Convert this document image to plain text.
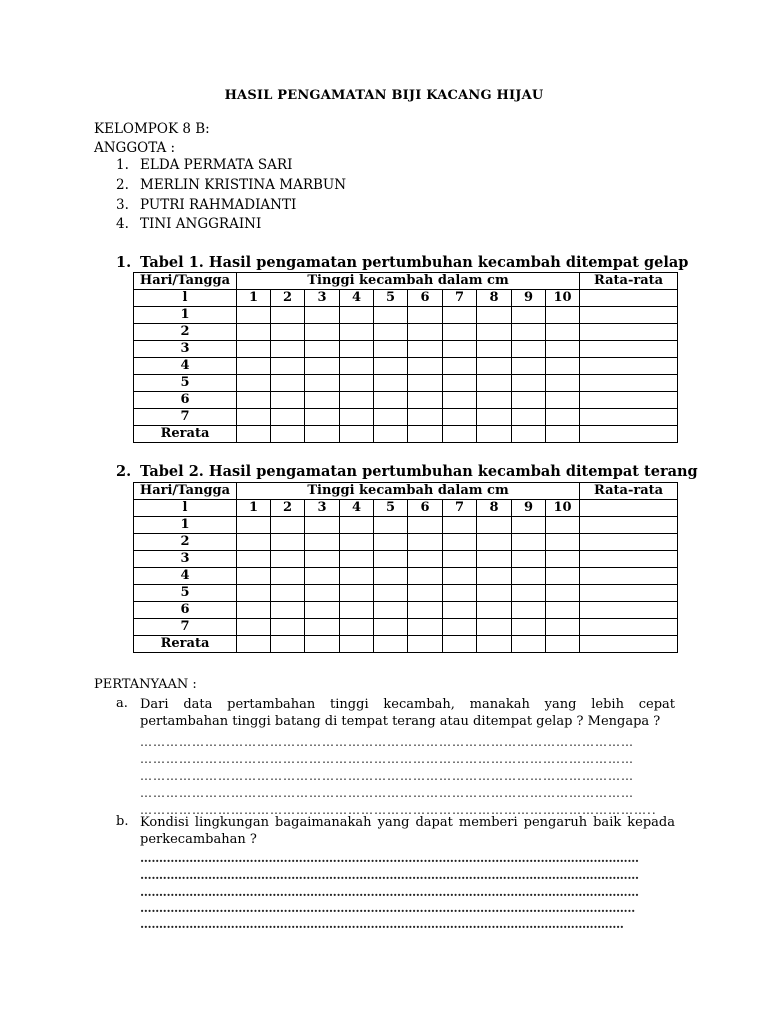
HASIL PENGAMATAN BIJI KACANG HIJAU
KELOMPOK 8 B:
ANGGOTA :
1. ELDA PERMATA SARI
2. MERLIN KRISTINA MARBUN
3. PUTRI RAHMADIANTI
4. TINI ANGGRAINI
1. Tabel 1. Hasil pengamatan pertumbuhan kecambah ditempat gelap
Hari/Tangga	Tinggi kecambah dalam cm										Rata-rata
l	1	2	3	4	5	6	7	8	9	10	
1											
2											
3											
4											
5											
6											
7											
Rerata											
2. Tabel 2. Hasil pengamatan pertumbuhan kecambah ditempat terang
Hari/Tangga	Tinggi kecambah dalam cm										Rata-rata
l	1	2	3	4	5	6	7	8	9	10	
1											
2											
3											
4											
5											
6											
7											
Rerata											
PERTANYAAN :
a. Dari data pertambahan tinggi kecambah, manakah yang lebih cepat pertambahan tinggi batang di tempat terang atau ditempat gelap ? Mengapa ?
……………………………………………………………………………………………………
……………………………………………………………………………………………………
……………………………………………………………………………………………………
……………………………………………………………………………………………………
………………………………………………………………………………………………………..
b. Kondisi lingkungan bagaimanakah yang dapat memberi pengaruh baik kepada perkecambahan ?
....................................................................................................................................
....................................................................................................................................
....................................................................................................................................
...................................................................................................................................
................................................................................................................................
